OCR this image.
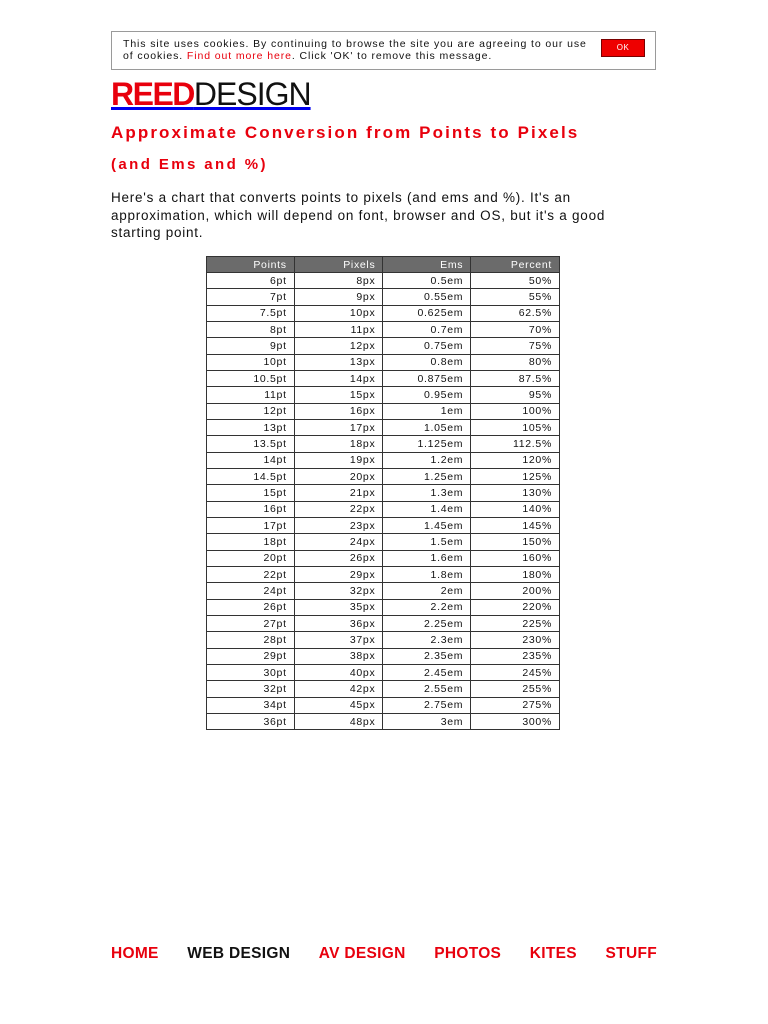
This site uses cookies. By continuing to browse the site you are agreeing to our use of cookies. Find out more here. Click 'OK' to remove this message.
OK
REEDDESIGN
Approximate Conversion from Points to Pixels
(and Ems and %)

Here's a chart that converts points to pixels (and ems and %). It's an approximation, which will depend on font, browser and OS, but it's a good starting point.

Points	Pixels	Ems	Percent
6pt	8px	0.5em	50%
7pt	9px	0.55em	55%
7.5pt	10px	0.625em	62.5%
8pt	11px	0.7em	70%
9pt	12px	0.75em	75%
10pt	13px	0.8em	80%
10.5pt	14px	0.875em	87.5%
11pt	15px	0.95em	95%
12pt	16px	1em	100%
13pt	17px	1.05em	105%
13.5pt	18px	1.125em	112.5%
14pt	19px	1.2em	120%
14.5pt	20px	1.25em	125%
15pt	21px	1.3em	130%
16pt	22px	1.4em	140%
17pt	23px	1.45em	145%
18pt	24px	1.5em	150%
20pt	26px	1.6em	160%
22pt	29px	1.8em	180%
24pt	32px	2em	200%
26pt	35px	2.2em	220%
27pt	36px	2.25em	225%
28pt	37px	2.3em	230%
29pt	38px	2.35em	235%
30pt	40px	2.45em	245%
32pt	42px	2.55em	255%
34pt	45px	2.75em	275%
36pt	48px	3em	300%
HOME WEB DESIGN AV DESIGN PHOTOS KITES STUFF
